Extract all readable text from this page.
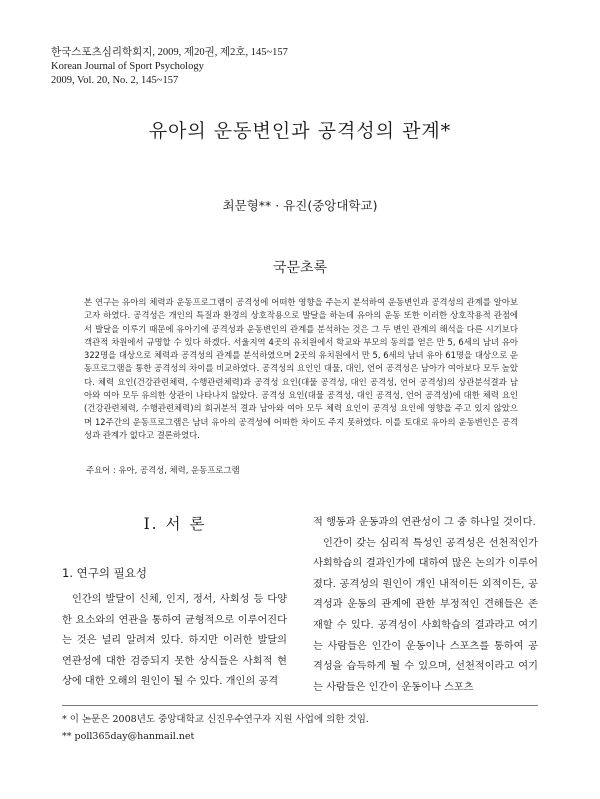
한국스포츠심리학회지, 2009, 제20권, 제2호, 145~157
Korean Journal of Sport Psychology
2009, Vol. 20, No. 2, 145~157
유아의 운동변인과 공격성의 관계*
최문형** · 유진(중앙대학교)
국문초록
본 연구는 유아의 체력과 운동프로그램이 공격성에 어떠한 영향을 주는지 분석하여 운동변인과 공격성의 관계를 알아보고자 하였다. 공격성은 개인의 특질과 환경의 상호작용으로 발달을 하는데 유아의 운동 또한 이러한 상호작용적 관점에서 발달을 이루기 때문에 유아기에 공격성과 운동변인의 관계를 분석하는 것은 그 두 변인 관계의 해석을 다른 시기보다 객관적 차원에서 규명할 수 있다 하겠다. 서울지역 4곳의 유치원에서 학교와 부모의 동의를 얻은 만 5, 6세의 남녀 유아 322명을 대상으로 체력과 공격성의 관계를 분석하였으며 2곳의 유치원에서 만 5, 6세의 남녀 유아 61명을 대상으로 운동프로그램을 통한 공격성의 차이를 비교하였다. 공격성의 요인인 대물, 대인, 언어 공격성은 남아가 여아보다 모두 높았다. 체력 요인(건강관련체력, 수행관련체력)과 공격성 요인(대물 공격성, 대인 공격성, 언어 공격성)의 상관분석결과 남아와 여아 모두 유의한 상관이 나타나지 않았다. 공격성 요인(대물 공격성, 대인 공격성, 언어 공격성)에 대한 체력 요인(건강관련체력, 수행관련체력)의 회귀분석 결과 남아와 여아 모두 체력 요인이 공격성 요인에 영향을 주고 있지 않았으며 12주간의 운동프로그램은 남녀 유아의 공격성에 어떠한 차이도 주지 못하였다. 이를 토대로 유아의 운동변인은 공격성과 관계가 없다고 결론하였다.
주요어 : 유아, 공격성, 체력, 운동프로그램
I. 서 론
1. 연구의 필요성
인간의 발달이 신체, 인지, 정서, 사회성 등 다양한 요소와의 연관을 통하여 균형적으로 이루어진다는 것은 널리 알려져 있다. 하지만 이러한 발달의 연관성에 대한 검증되지 못한 상식들은 사회적 현상에 대한 오해의 원인이 될 수 있다. 개인의 공격

적 행동과 운동과의 연관성이 그 중 하나일 것이다.

인간이 갖는 심리적 특성인 공격성은 선천적인가 사회학습의 결과인가에 대하여 많은 논의가 이루어졌다. 공격성의 원인이 개인 내적이든 외적이든, 공격성과 운동의 관계에 관한 부정적인 견해들은 존재할 수 있다. 공격성이 사회학습의 결과라고 여기는 사람들은 인간이 운동이나 스포츠를 통하여 공격성을 습득하게 될 수 있으며, 선천적이라고 여기는 사람들은 인간이 운동이나 스포츠

* 이 논문은 2008년도 중앙대학교 신진우수연구자 지원 사업에 의한 것임.
** poll365day@hanmail.net
